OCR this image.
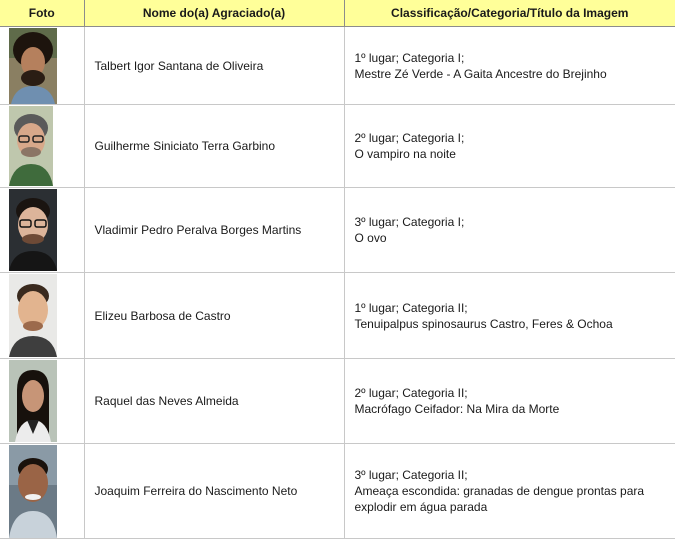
Foto	Nome do(a) Agraciado(a)	Classificação/Categoria/Título da Imagem

	Talbert Igor Santana de Oliveira	1º lugar; Categoria I;
Mestre Zé Verde - A Gaita Ancestre do Brejinho

	Guilherme Siniciato Terra Garbino	2º lugar; Categoria I;
O vampiro na noite

	Vladimir Pedro Peralva Borges Martins	3º lugar; Categoria I;
O ovo

	Elizeu Barbosa de Castro	1º lugar; Categoria II;
Tenuipalpus spinosaurus Castro, Feres & Ochoa

	Raquel das Neves Almeida	2º lugar; Categoria II;
Macrófago Ceifador: Na Mira da Morte

	Joaquim Ferreira do Nascimento Neto	3º lugar; Categoria II;
Ameaça escondida: granadas de dengue prontas para
explodir em água parada
